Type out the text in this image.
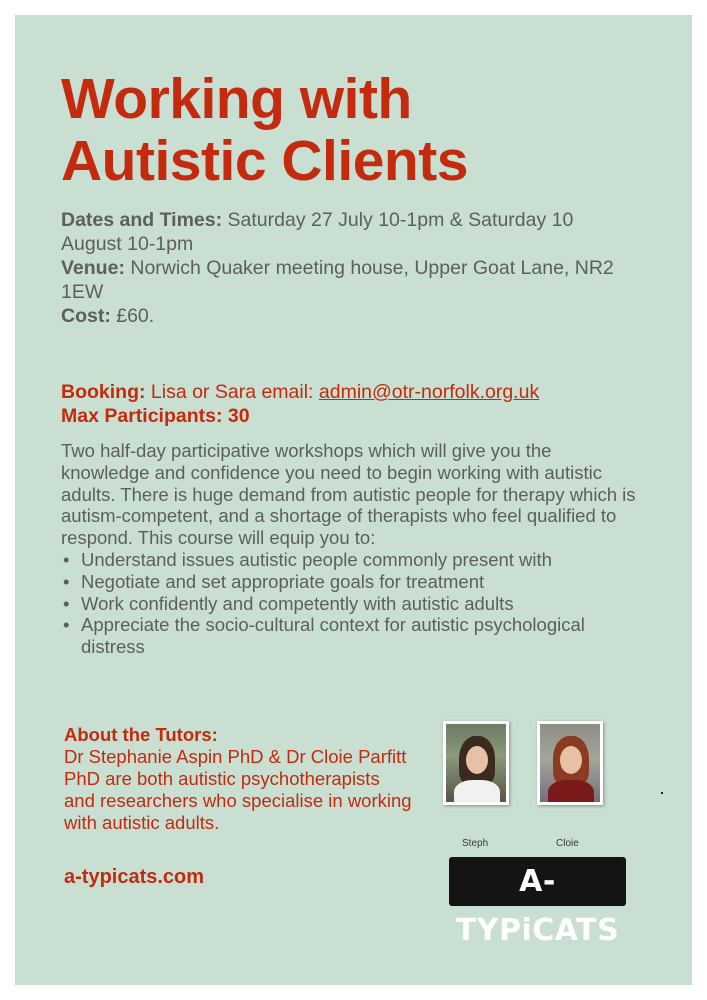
Working with
Autistic Clients

Dates and Times: Saturday 27 July 10-1pm & Saturday 10 August 10-1pm

Venue: Norwich Quaker meeting house, Upper Goat Lane, NR2 1EW

Cost: £60.

Booking: Lisa or Sara email: admin@otr-norfolk.org.uk

Max Participants: 30

Two half-day participative workshops which will give you the knowledge and confidence you need to begin working with autistic adults. There is huge demand from autistic people for therapy which is autism-competent, and a shortage of therapists who feel qualified to respond. This course will equip you to:

• Understand issues autistic people commonly present with
• Negotiate and set appropriate goals for treatment
• Work confidently and competently with autistic adults
• Appreciate the socio-cultural context for autistic psychological distress

About the Tutors:

Dr Stephanie Aspin PhD & Dr Cloie Parfitt PhD are both autistic psychotherapists and researchers who specialise in working with autistic adults.

a-typicats.com
Steph	Cloie
A-TYPiCATS
